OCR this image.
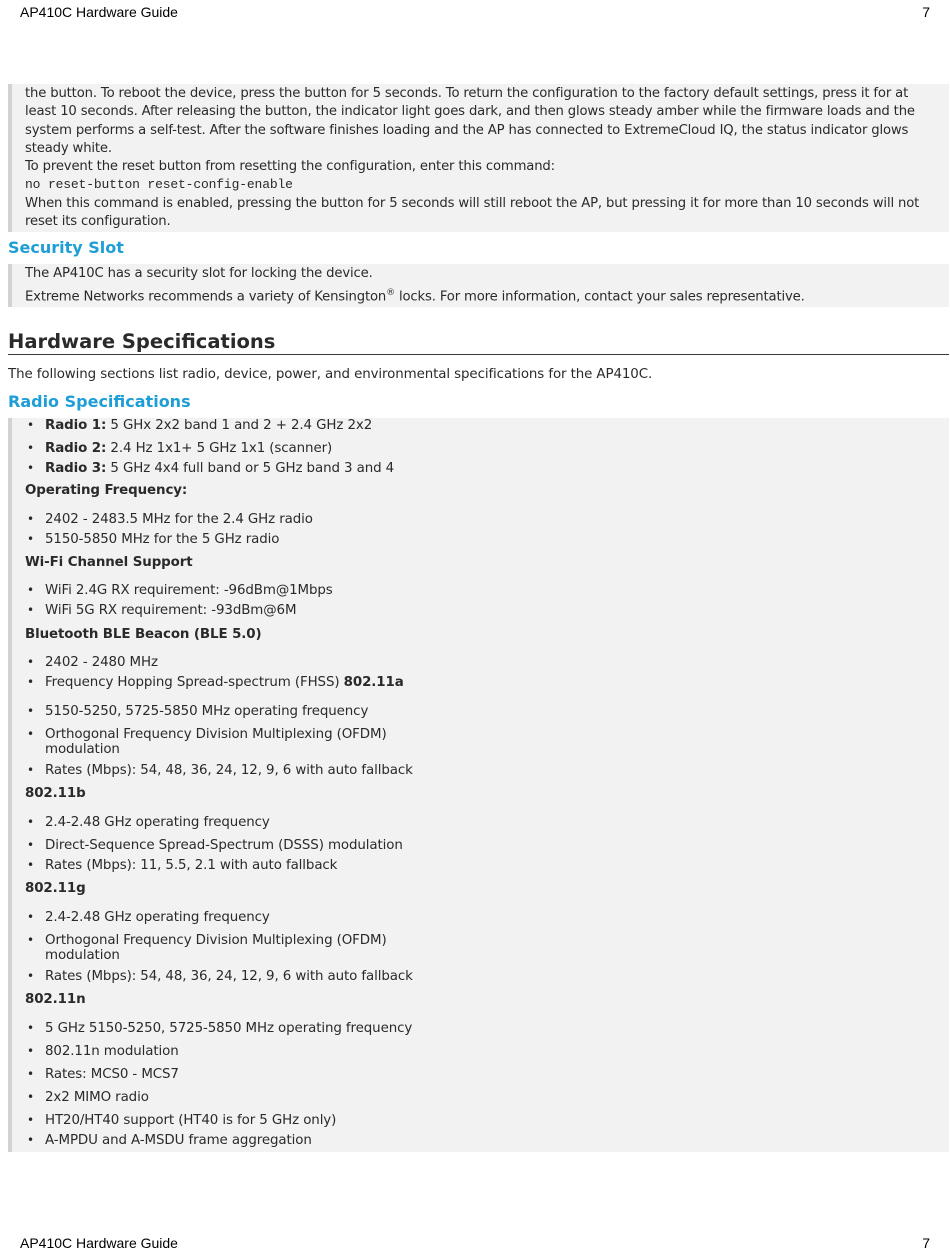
AP410C Hardware Guide	7
the button. To reboot the device, press the button for 5 seconds. To return the configuration to the factory default settings, press it for at least 10 seconds. After releasing the button, the indicator light goes dark, and then glows steady amber while the firmware loads and the system performs a self-test. After the software finishes loading and the AP has connected to ExtremeCloud IQ, the status indicator glows steady white.
To prevent the reset button from resetting the configuration, enter this command:
no reset-button reset-config-enable
When this command is enabled, pressing the button for 5 seconds will still reboot the AP, but pressing it for more than 10 seconds will not reset its configuration.
Security Slot
The AP410C has a security slot for locking the device.
Extreme Networks recommends a variety of Kensington® locks. For more information, contact your sales representative.
Hardware Specifications
The following sections list radio, device, power, and environmental specifications for the AP410C.
Radio Specifications
• Radio 1: 5 GHx 2x2 band 1 and 2 + 2.4 GHz 2x2
• Radio 2: 2.4 Hz 1x1+ 5 GHz 1x1 (scanner)
• Radio 3: 5 GHz 4x4 full band or 5 GHz band 3 and 4
Operating Frequency:
• 2402 - 2483.5 MHz for the 2.4 GHz radio
• 5150-5850 MHz for the 5 GHz radio
Wi-Fi Channel Support
• WiFi 2.4G RX requirement: -96dBm@1Mbps
• WiFi 5G RX requirement: -93dBm@6M
Bluetooth BLE Beacon (BLE 5.0)
• 2402 - 2480 MHz
• Frequency Hopping Spread-spectrum (FHSS) 802.11a
• 5150-5250, 5725-5850 MHz operating frequency
• Orthogonal Frequency Division Multiplexing (OFDM) modulation
• Rates (Mbps): 54, 48, 36, 24, 12, 9, 6 with auto fallback
802.11b
• 2.4-2.48 GHz operating frequency
• Direct-Sequence Spread-Spectrum (DSSS) modulation
• Rates (Mbps): 11, 5.5, 2.1 with auto fallback
802.11g
• 2.4-2.48 GHz operating frequency
• Orthogonal Frequency Division Multiplexing (OFDM) modulation
• Rates (Mbps): 54, 48, 36, 24, 12, 9, 6 with auto fallback
802.11n
• 5 GHz 5150-5250, 5725-5850 MHz operating frequency
• 802.11n modulation
• Rates: MCS0 - MCS7
• 2x2 MIMO radio
• HT20/HT40 support (HT40 is for 5 GHz only)
• A-MPDU and A-MSDU frame aggregation
AP410C Hardware Guide	7
